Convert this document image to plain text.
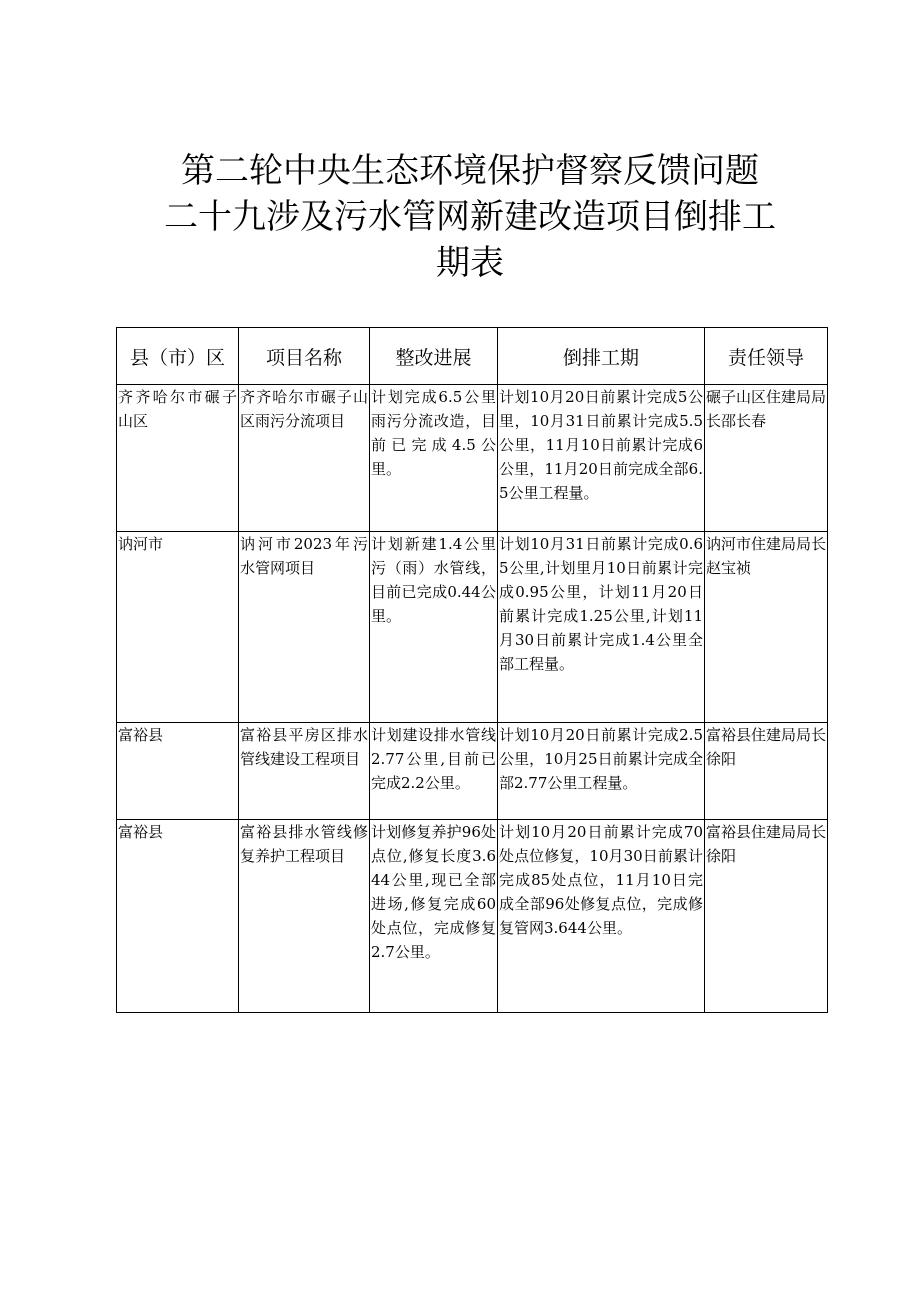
第二轮中央生态环境保护督察反馈问题
二十九涉及污水管网新建改造项目倒排工
期表
县（市）区	项目名称	整改进展	倒排工期	责任领导
齐齐哈尔市碾子山区	齐齐哈尔市碾子山区雨污分流项目	计划完成6.5公里雨污分流改造，目前已完成4.5公里。	计划10月20日前累计完成5公里，10月31日前累计完成5.5公里，11月10日前累计完成6公里，11月20日前完成全部6.5公里工程量。	碾子山区住建局局长邵长春
讷河市	讷河市2023年污水管网项目	计划新建1.4公里污（雨）水管线，目前已完成0.44公里。	计划10月31日前累计完成0.65公里,计划里月10日前累计完成0.95公里，计划11月20日前累计完成1.25公里,计划11月30日前累计完成1.4公里全部工程量。	讷河市住建局局长赵宝祯
富裕县	富裕县平房区排水管线建设工程项目	计划建设排水管线2.77公里,目前已完成2.2公里。	计划10月20日前累计完成2.5公里，10月25日前累计完成全部2.77公里工程量。	富裕县住建局局长徐阳
富裕县	富裕县排水管线修复养护工程项目	计划修复养护96处点位,修复长度3.644公里,现已全部进场,修复完成60处点位，完成修复2.7公里。	计划10月20日前累计完成70处点位修复，10月30日前累计完成85处点位，11月10日完成全部96处修复点位，完成修复管网3.644公里。	富裕县住建局局长徐阳
